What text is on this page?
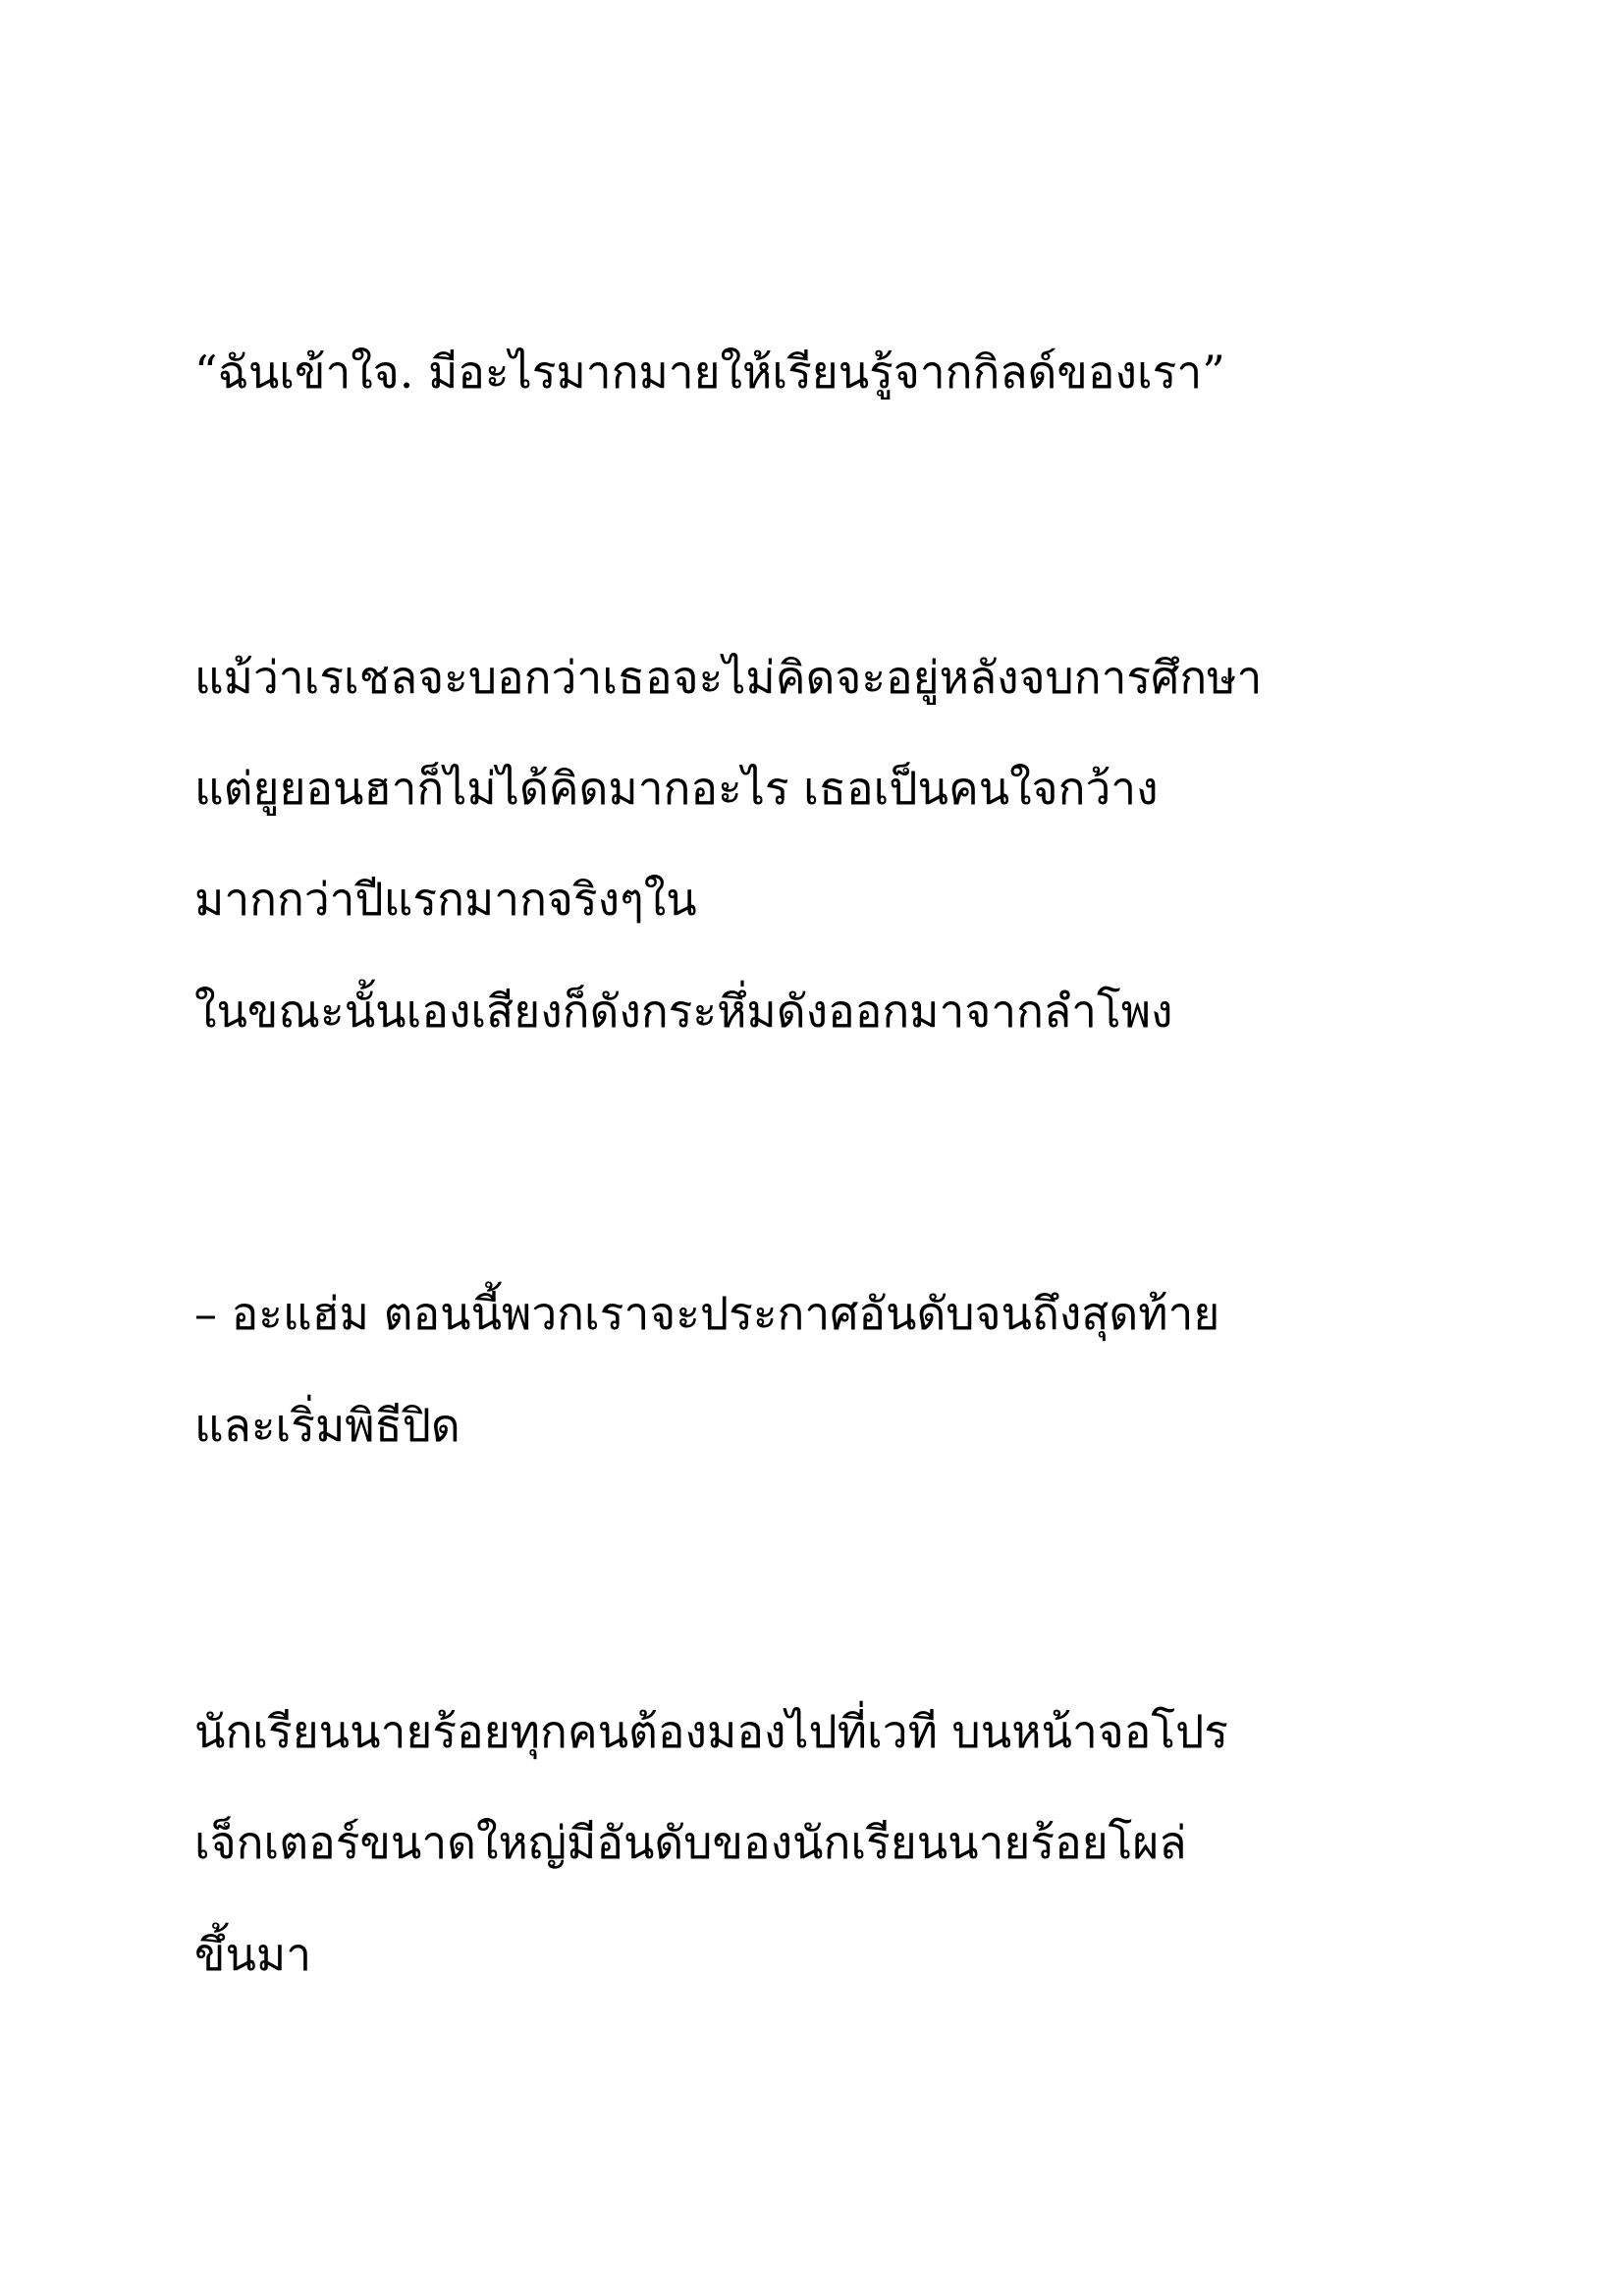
“ฉันเข้าใจ. มีอะไรมากมายให้เรียนรู้จากกิลด์ของเรา”

แม้ว่าเรเชลจะบอกว่าเธอจะไม่คิดจะอยู่หลังจบการศึกษา

แต่ยูยอนฮาก็ไม่ได้คิดมากอะไร เธอเป็นคนใจกว้าง

มากกว่าปีแรกมากจริงๆใน

ในขณะนั้นเองเสียงก็ดังกระหึ่มดังออกมาจากลำโพง

– อะแฮ่ม ตอนนี้พวกเราจะประกาศอันดับจนถึงสุดท้าย

และเริ่มพิธีปิด

นักเรียนนายร้อยทุกคนต้องมองไปที่เวที บนหน้าจอโปร

เจ็กเตอร์ขนาดใหญ่มีอันดับของนักเรียนนายร้อยโผล่

ขึ้นมา
